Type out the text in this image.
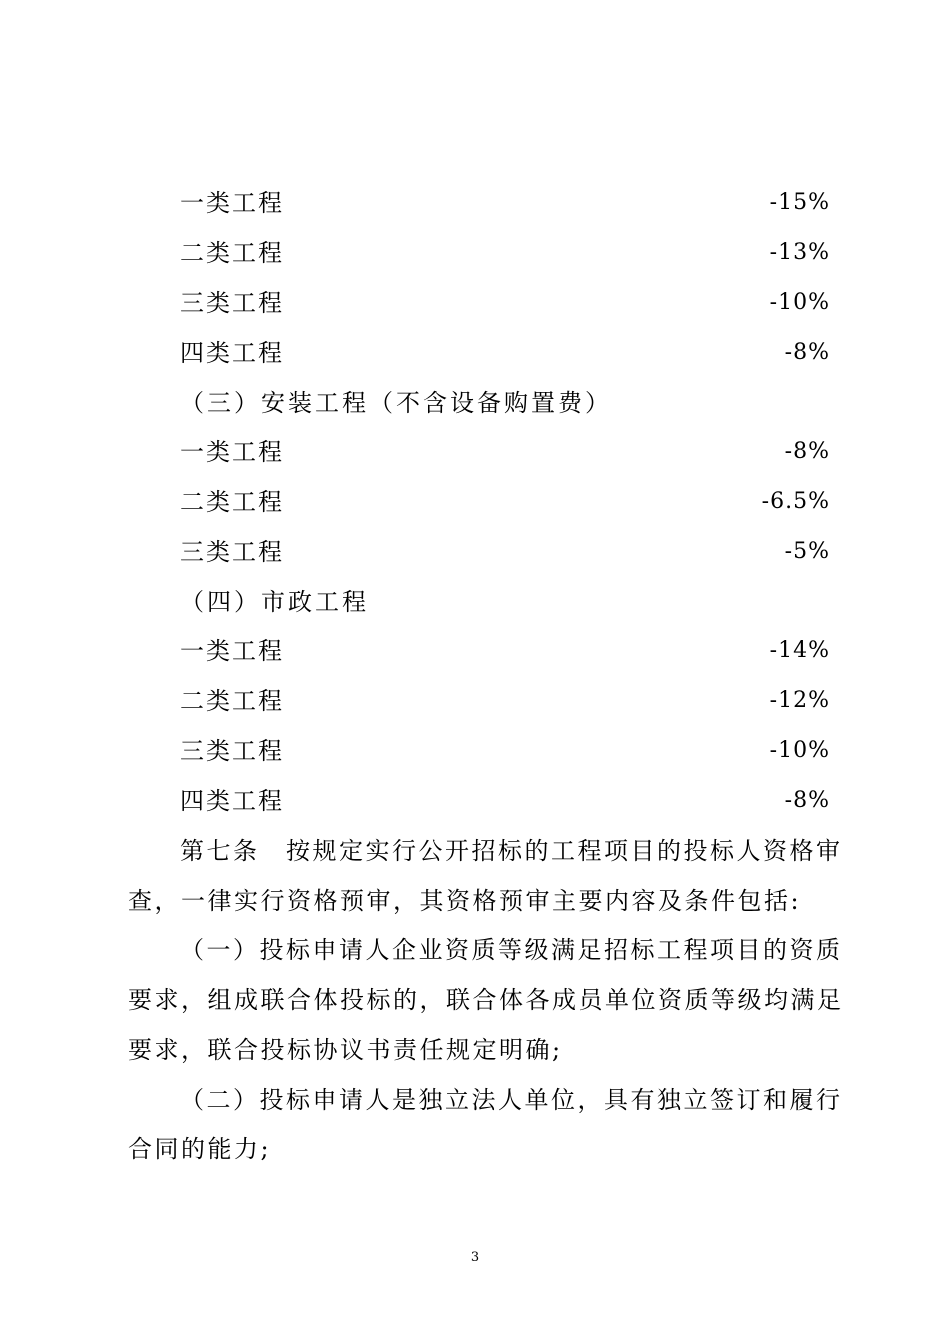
一类工程	-15%
二类工程	-13%
三类工程	-10%
四类工程	-8%
（三）安装工程（不含设备购置费）
一类工程	-8%
二类工程	-6.5%
三类工程	-5%
（四）市政工程
一类工程	-14%
二类工程	-12%
三类工程	-10%
四类工程	-8%
第七条　按规定实行公开招标的工程项目的投标人资格审
查，一律实行资格预审，其资格预审主要内容及条件包括:
（一）投标申请人企业资质等级满足招标工程项目的资质
要求，组成联合体投标的，联合体各成员单位资质等级均满足
要求，联合投标协议书责任规定明确;
（二）投标申请人是独立法人单位，具有独立签订和履行
合同的能力;
3
